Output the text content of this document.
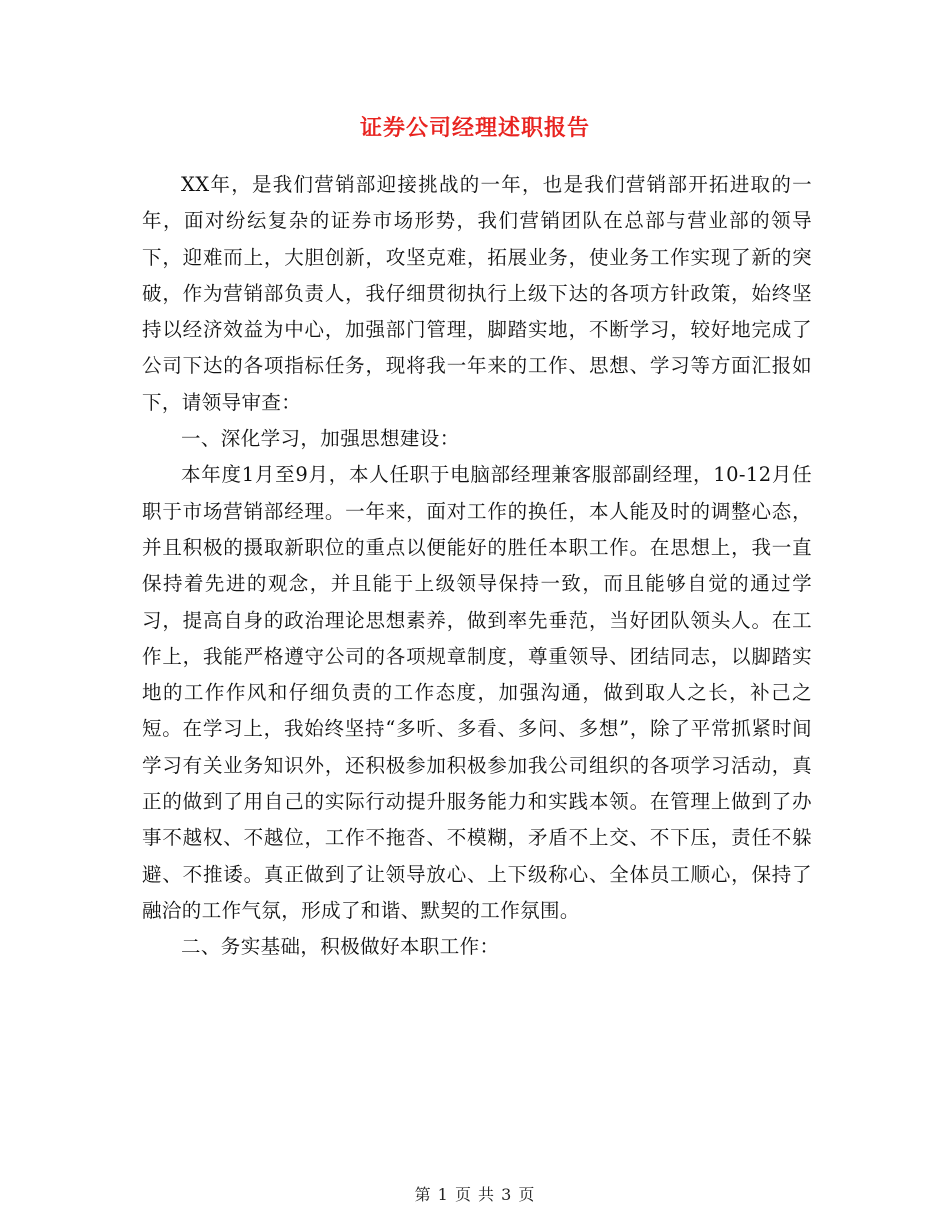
证券公司经理述职报告

XX年，是我们营销部迎接挑战的一年，也是我们营销部开拓进取的一年，面对纷纭复杂的证券市场形势，我们营销团队在总部与营业部的领导下，迎难而上，大胆创新，攻坚克难，拓展业务，使业务工作实现了新的突破，作为营销部负责人，我仔细贯彻执行上级下达的各项方针政策，始终坚持以经济效益为中心，加强部门管理，脚踏实地，不断学习，较好地完成了公司下达的各项指标任务，现将我一年来的工作、思想、学习等方面汇报如下，请领导审查：

一、深化学习，加强思想建设：

本年度1月至9月，本人任职于电脑部经理兼客服部副经理，10-12月任职于市场营销部经理。一年来，面对工作的换任，本人能及时的调整心态，并且积极的摄取新职位的重点以便能好的胜任本职工作。在思想上，我一直保持着先进的观念，并且能于上级领导保持一致，而且能够自觉的通过学习，提高自身的政治理论思想素养，做到率先垂范，当好团队领头人。在工作上，我能严格遵守公司的各项规章制度，尊重领导、团结同志，以脚踏实地的工作作风和仔细负责的工作态度，加强沟通，做到取人之长，补己之短。在学习上，我始终坚持“多听、多看、多问、多想”，除了平常抓紧时间学习有关业务知识外，还积极参加积极参加我公司组织的各项学习活动，真正的做到了用自己的实际行动提升服务能力和实践本领。在管理上做到了办事不越权、不越位，工作不拖沓、不模糊，矛盾不上交、不下压，责任不躲避、不推诿。真正做到了让领导放心、上下级称心、全体员工顺心，保持了融洽的工作气氛，形成了和谐、默契的工作氛围。

二、务实基础，积极做好本职工作：

第 1 页 共 3 页
